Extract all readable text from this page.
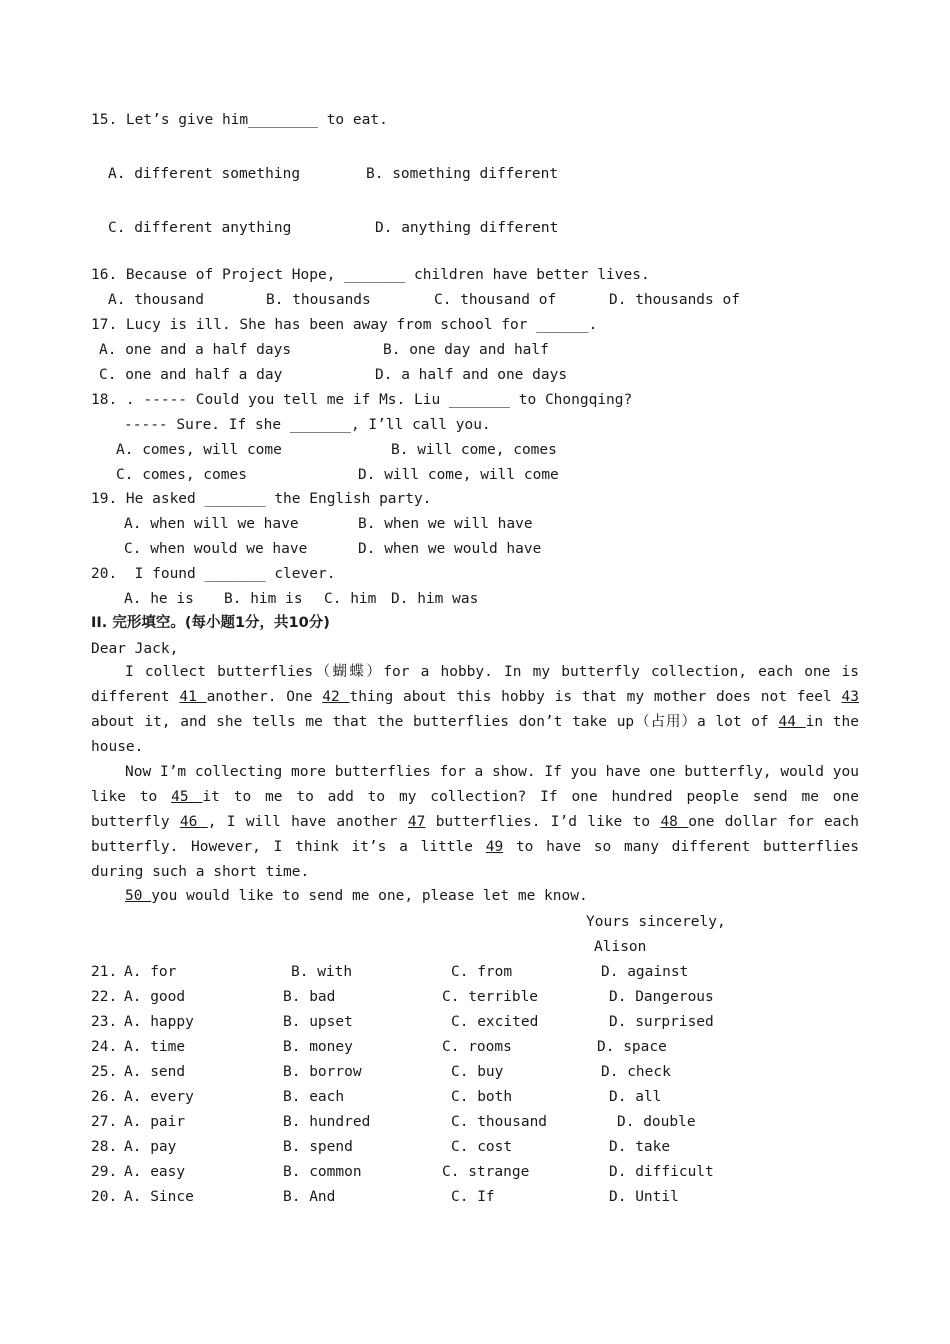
15. Let’s give him________ to eat.
A. different something	B. something different
C. different anything	D. anything different
16. Because of Project Hope, _______ children have better lives.
A. thousand	B. thousands	C. thousand of	D. thousands of
17. Lucy is ill. She has been away from school for ______.
A. one and a half days	B. one day and half
C. one and half a day	D. a half and one days
18. . ----- Could you tell me if Ms. Liu _______ to Chongqing?
----- Sure. If she _______, I’ll call you.
A. comes, will come	B. will come, comes
C. comes, comes	D. will come, will come
19. He asked _______ the English party.
A. when will we have	B. when we will have
C. when would we have	D. when we would have
20.  I found _______ clever.
A. he is B. him is C. him D. him was
II. 完形填空。(每小题1分，共10分)
Dear Jack,
I collect butterflies（蝴蝶）for a hobby. In my butterfly collection, each one is different 41 another. One 42 thing about this hobby is that my mother does not feel 43 about it, and she tells me that the butterflies don’t take up（占用）a lot of 44 in the house.
Now I’m collecting more butterflies for a show. If you have one butterfly, would you like to 45 it to me to add to my collection? If one hundred people send me one butterfly 46 , I will have another 47 butterflies. I’d like to 48 one dollar for each butterfly. However, I think it’s a little 49 to have so many different butterflies during such a short time.
50 you would like to send me one, please let me know.
Yours sincerely,
Alison
21. A. for	B. with	C. from	D. against
22. A. good	B. bad	C. terrible	D. Dangerous
23. A. happy	B. upset	C. excited	D. surprised
24. A. time	B. money	C. rooms	D. space
25. A. send	B. borrow	C. buy	D. check
26. A. every	B. each	C. both	D. all
27. A. pair	B. hundred	C. thousand	D. double
28. A. pay	B. spend	C. cost	D. take
29. A. easy	B. common	C. strange	D. difficult
20. A. Since	B. And	C. If	D. Until
